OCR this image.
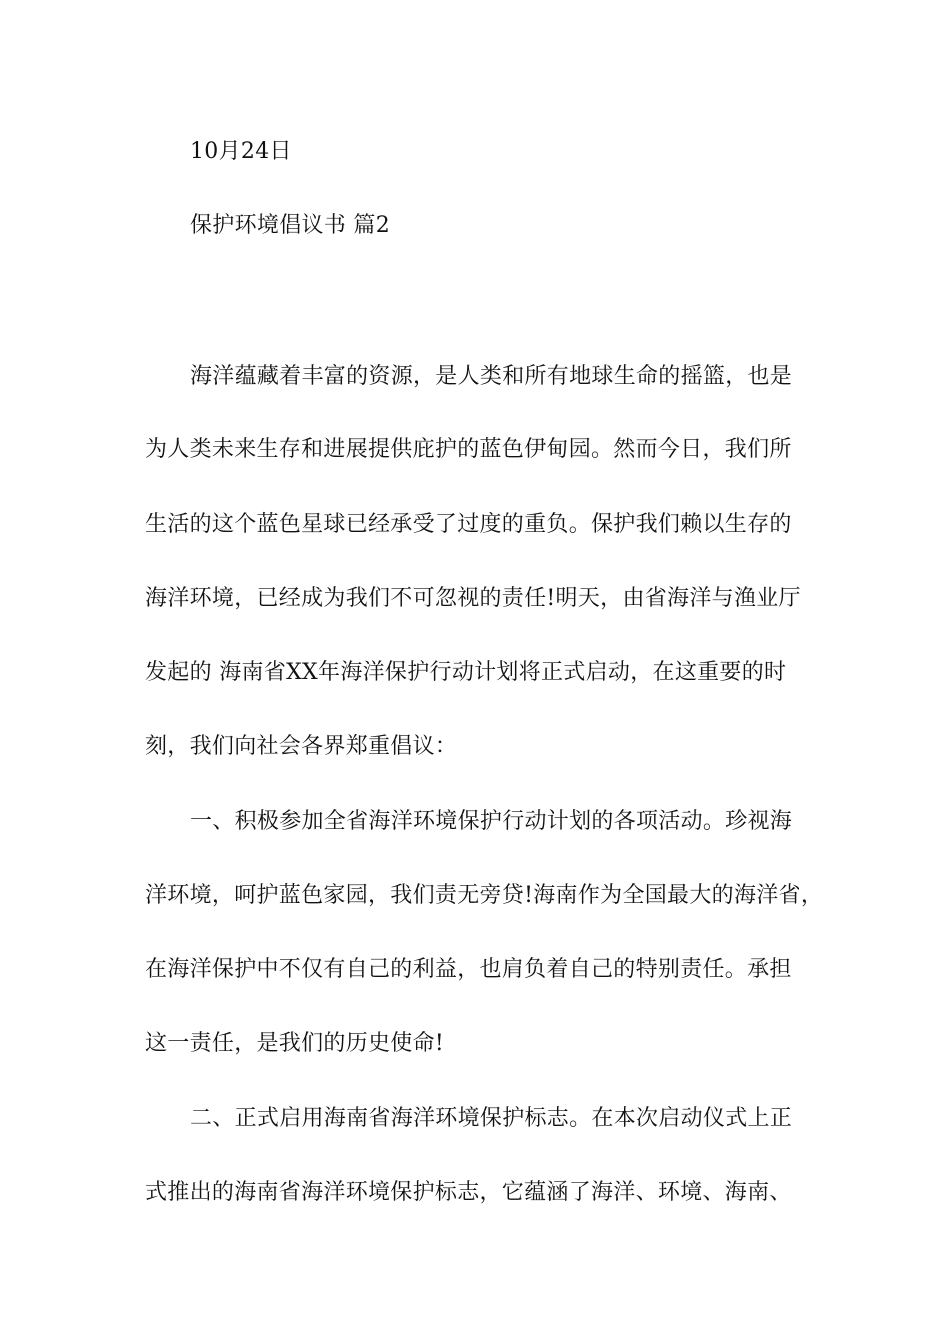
10月24日
保护环境倡议书 篇2
海洋蕴藏着丰富的资源，是人类和所有地球生命的摇篮，也是
为人类未来生存和进展提供庇护的蓝色伊甸园。然而今日，我们所
生活的这个蓝色星球已经承受了过度的重负。保护我们赖以生存的
海洋环境，已经成为我们不可忽视的责任!明天，由省海洋与渔业厅
发起的 海南省XX年海洋保护行动计划将正式启动，在这重要的时
刻，我们向社会各界郑重倡议：
一、积极参加全省海洋环境保护行动计划的各项活动。珍视海
洋环境，呵护蓝色家园，我们责无旁贷!海南作为全国最大的海洋省，
在海洋保护中不仅有自己的利益，也肩负着自己的特别责任。承担
这一责任，是我们的历史使命!
二、正式启用海南省海洋环境保护标志。在本次启动仪式上正
式推出的海南省海洋环境保护标志，它蕴涵了海洋、环境、海南、
